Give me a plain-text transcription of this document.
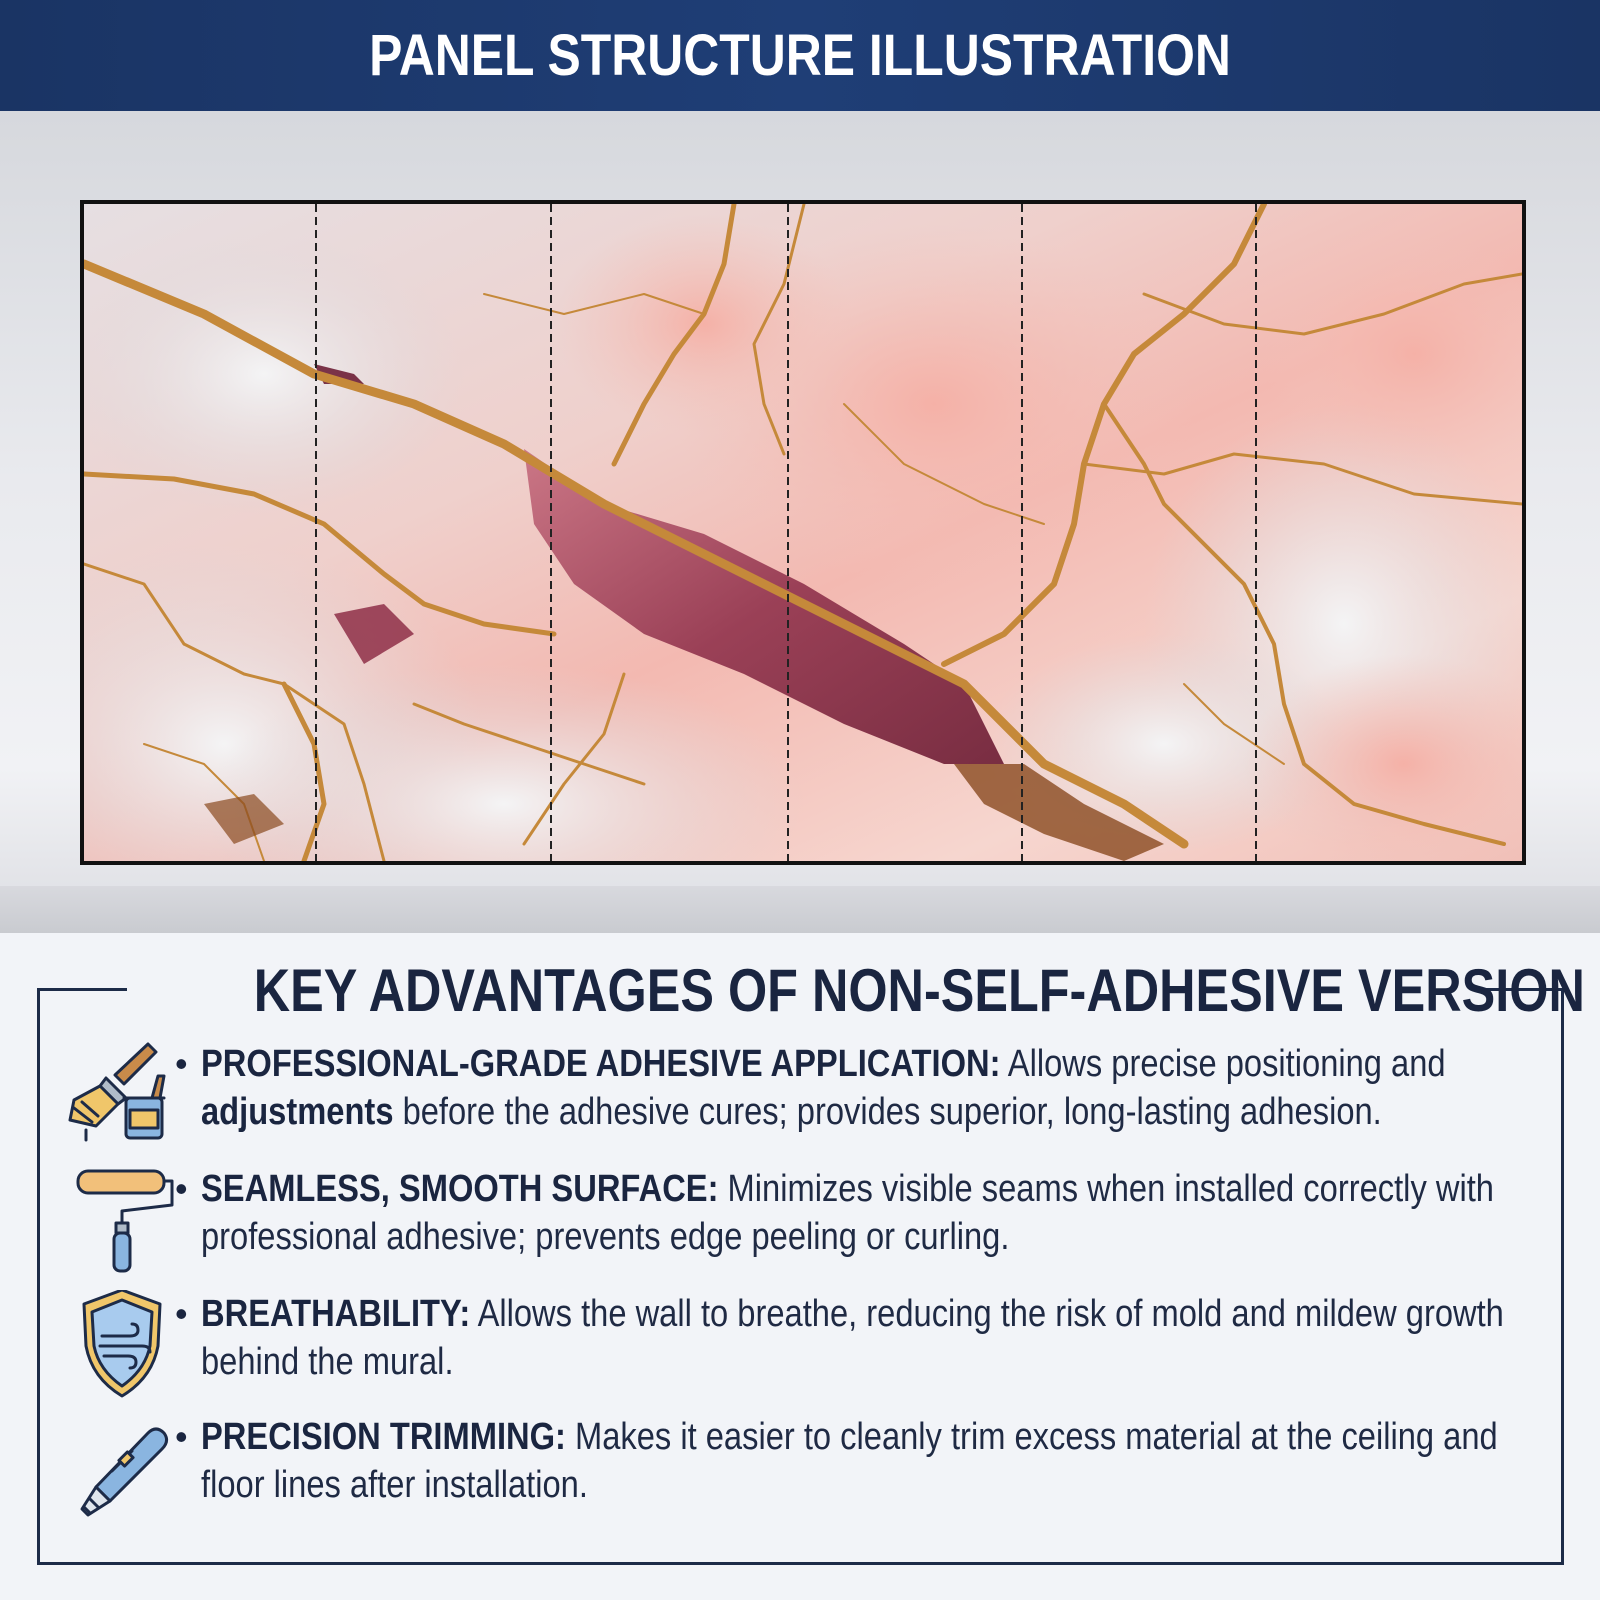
PANEL STRUCTURE ILLUSTRATION
KEY ADVANTAGES OF NON-SELF-ADHESIVE VERSION
• PROFESSIONAL-GRADE ADHESIVE APPLICATION: Allows precise positioning and adjustments before the adhesive cures; provides superior, long-lasting adhesion.
• SEAMLESS, SMOOTH SURFACE: Minimizes visible seams when installed correctly with professional adhesive; prevents edge peeling or curling.
• BREATHABILITY: Allows the wall to breathe, reducing the risk of mold and mildew growth behind the mural.
• PRECISION TRIMMING: Makes it easier to cleanly trim excess material at the ceiling and floor lines after installation.
